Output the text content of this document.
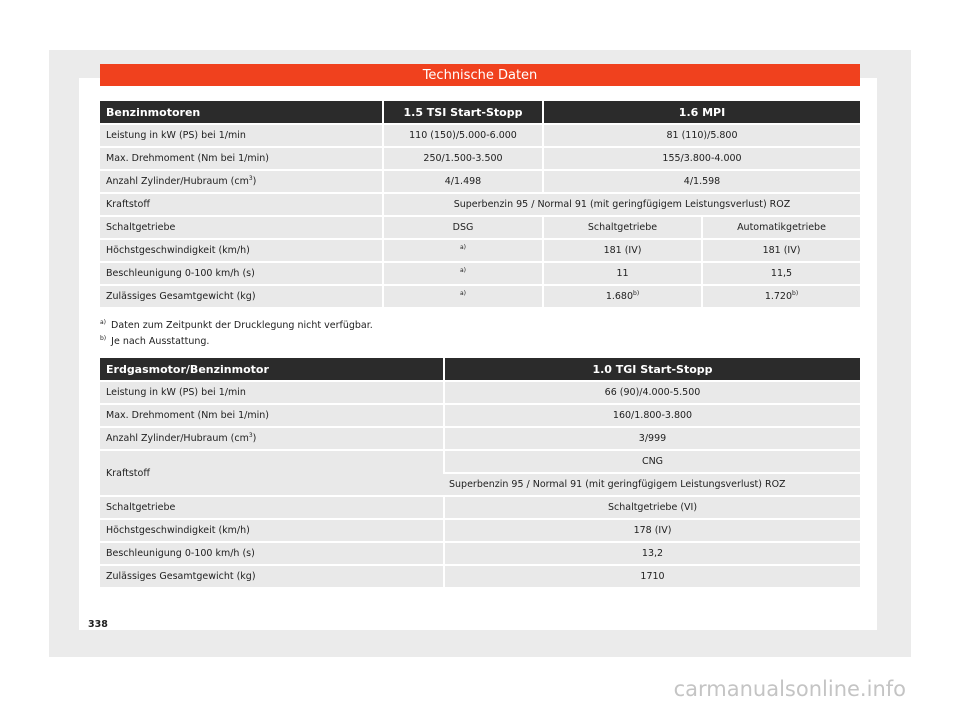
Technische Daten
Benzinmotoren	1.5 TSI Start-Stopp	1.6 MPI	
Leistung in kW (PS) bei 1/min	110 (150)/5.000-6.000	81 (110)/5.800	
Max. Drehmoment (Nm bei 1/min)	250/1.500-3.500	155/3.800-4.000	
Anzahl Zylinder/Hubraum $(cm^3)$	4/1.498	4/1.598	
Kraftstoff	Superbenzin 95 / Normal 91 (mit geringfügigem Leistungsverlust) ROZ		
Schaltgetriebe	DSG	Schaltgetriebe	Automatikgetriebe
Höchstgeschwindigkeit (km/h)	$^{a)}$	181 (IV)	181 (IV)
Beschleunigung 0-100 km/h (s)	$^{a)}$	11	11,5
Zulässiges Gesamtgewicht (kg)	$^{a)}$	1.680$^{b)}$	1.720$^{b)}$
$^{a)}$ Daten zum Zeitpunkt der Drucklegung nicht verfügbar.
$^{b)}$ Je nach Ausstattung.
Erdgasmotor/Benzinmotor	1.0 TGI Start-Stopp
Leistung in kW (PS) bei 1/min	66 (90)/4.000-5.500
Max. Drehmoment (Nm bei 1/min)	160/1.800-3.800
Anzahl Zylinder/Hubraum $(cm^3)$	3/999
Kraftstoff	CNG
	Superbenzin 95 / Normal 91 (mit geringfügigem Leistungsverlust) ROZ
Schaltgetriebe	Schaltgetriebe (VI)
Höchstgeschwindigkeit (km/h)	178 (IV)
Beschleunigung 0-100 km/h (s)	13,2
Zulässiges Gesamtgewicht (kg)	1710
338
carmanualsonline.info
